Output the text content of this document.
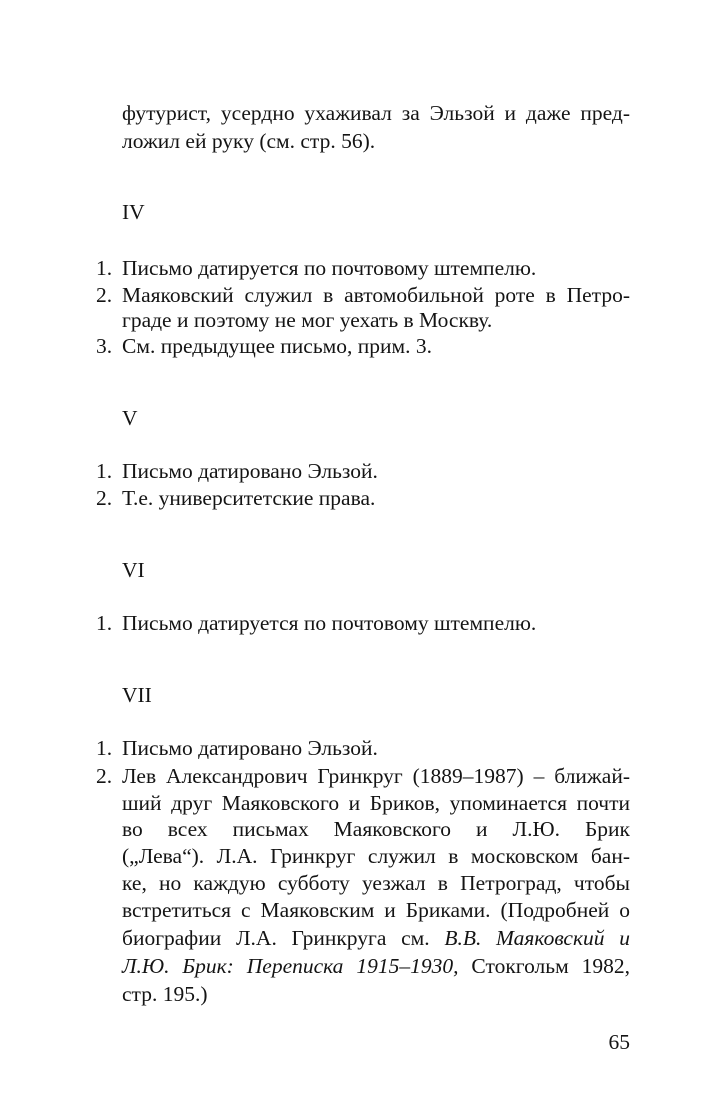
футурист, усердно ухаживал за Эльзой и даже пред-
ложил ей руку (см. стр. 56).
IV
1. Письмо датируется по почтовому штемпелю.
2. Маяковский служил в автомобильной роте в Петро-
граде и поэтому не мог уехать в Москву.
3. См. предыдущее письмо, прим. 3.
V
1. Письмо датировано Эльзой.
2. Т.е. университетские права.
VI
1. Письмо датируется по почтовому штемпелю.
VII
1. Письмо датировано Эльзой.
2. Лев Александрович Гринкруг (1889–1987) – ближай-
ший друг Маяковского и Бриков, упоминается почти
во всех письмах Маяковского и Л.Ю. Брик
(„Лева“). Л.А. Гринкруг служил в московском бан-
ке, но каждую субботу уезжал в Петроград, чтобы
встретиться с Маяковским и Бриками. (Подробней о
биографии Л.А. Гринкруга см. В.В. Маяковский и
Л.Ю. Брик: Переписка 1915–1930, Стокгольм 1982,
стр. 195.)
65
